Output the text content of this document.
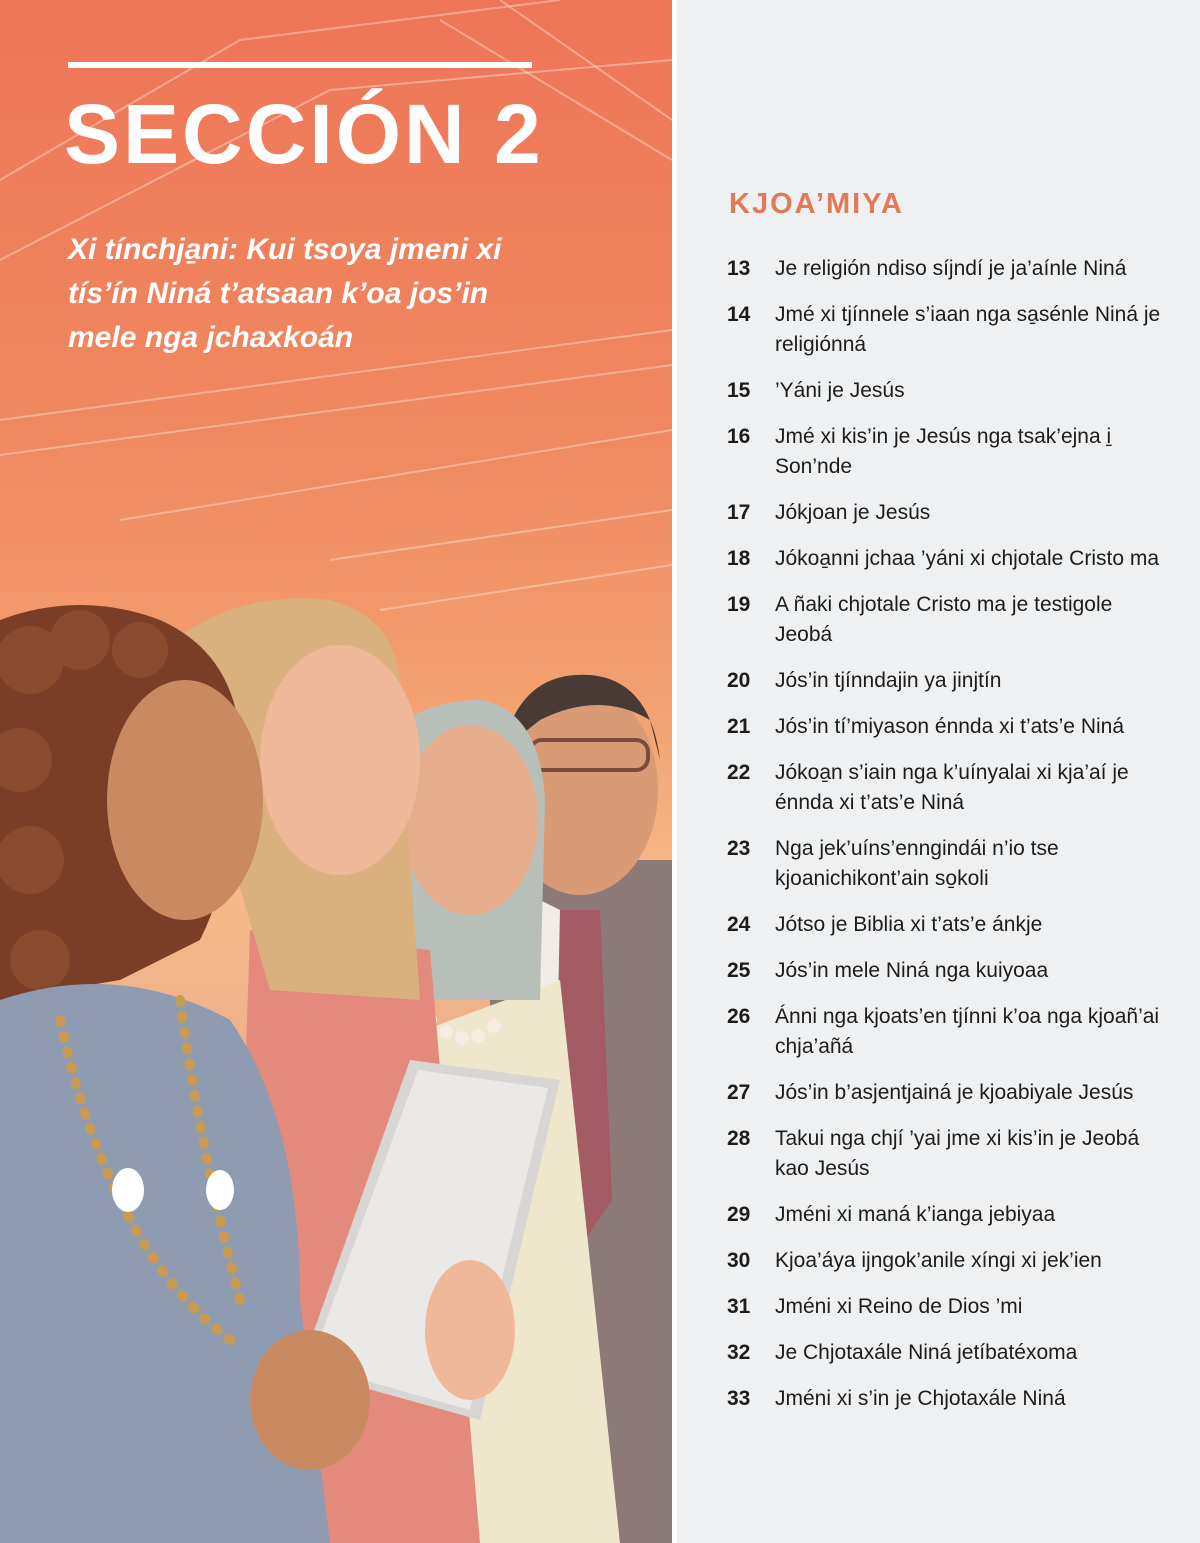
SECCIÓN 2

Xi tínchja̱ni: Kui tsoya jmeni xi tís’ín Niná t’atsaan k’oa jos’in mele nga jchaxkoán

KJOA’MIYA
13	Je religión ndiso síjndí je ja’aínle Niná
14	Jmé xi tjínnele s’iaan nga sa̱sénle Niná je religiónná
15	’Yáni je Jesús
16	Jmé xi kis’in je Jesús nga tsak’ejna i̱ Son’nde
17	Jókjoan je Jesús
18	Jókoa̱nni jchaa ’yáni xi chjotale Cristo ma
19	A ñaki chjotale Cristo ma je testigole Jeobá
20	Jós’in tjínndajin ya jinjtín
21	Jós’in tí’miyason énnda xi t’ats’e Niná
22	Jókoa̱n s’iain nga k’uínyalai xi kja’aí je énnda xi t’ats’e Niná
23	Nga jek’uíns’enngindái n’io tse kjoanichikont’ain so̱koli
24	Jótso je Biblia xi t’ats’e ánkje
25	Jós’in mele Niná nga kuiyoaa
26	Ánni nga kjoats’en tjínni k’oa nga kjoañ’ai chja’añá
27	Jós’in b’asjentjainá je kjoabiyale Jesús
28	Takui nga chjí ’yai jme xi kis’in je Jeobá kao Jesús
29	Jméni xi maná k’ianga jebiyaa
30	Kjoa’áya ijngok’anile xíngi xi jek’ien
31	Jméni xi Reino de Dios ’mi
32	Je Chjotaxále Niná jetíbatéxoma
33	Jméni xi s’in je Chjotaxále Niná
